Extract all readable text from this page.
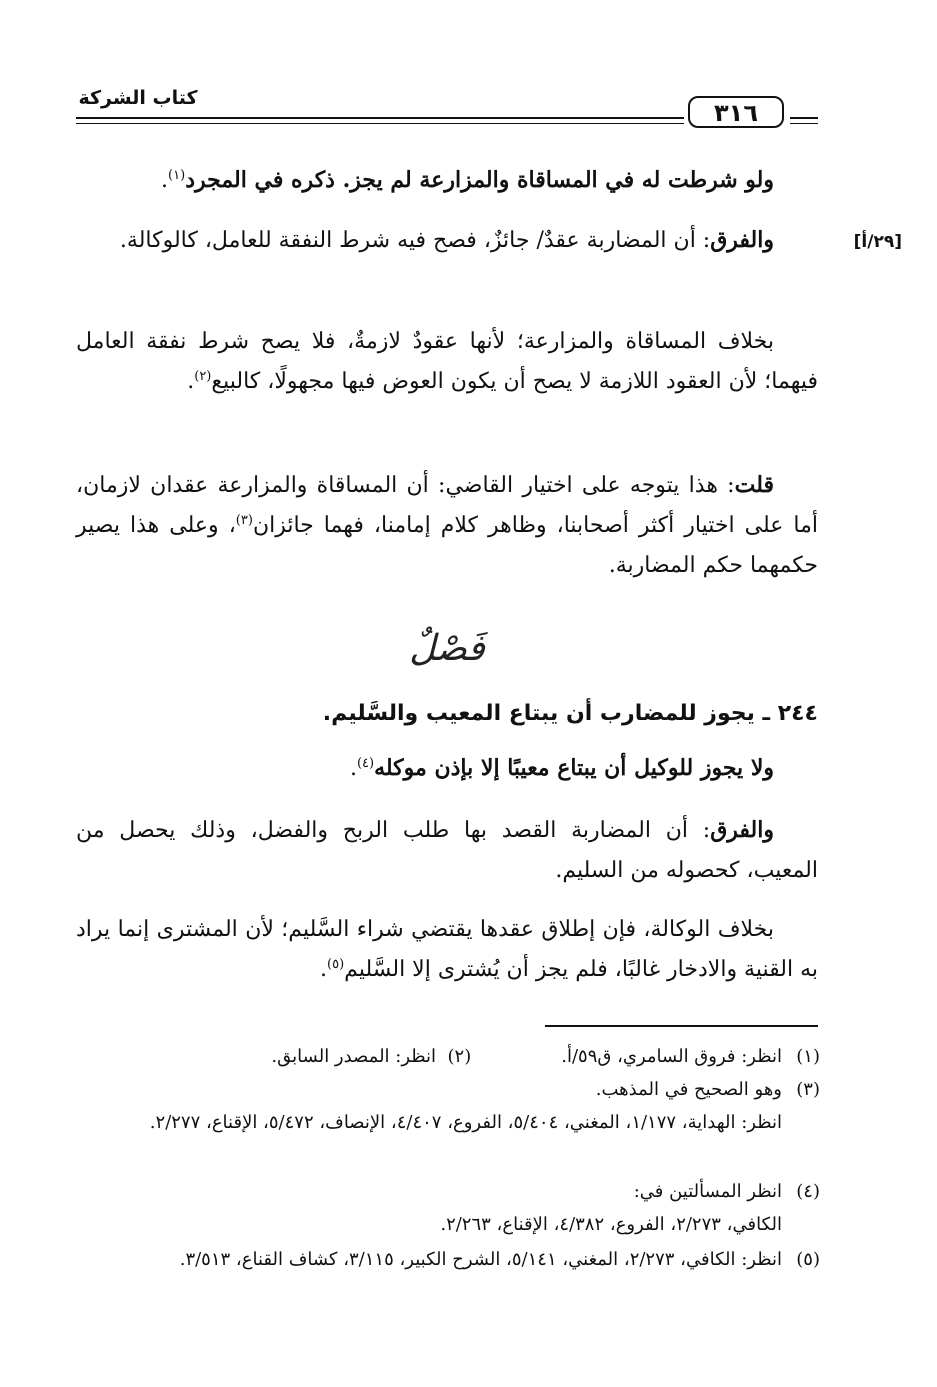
كتاب الشركة
٣١٦
ولو شرطت له في المساقاة والمزارعة لم يجز. ذكره في المجرد$^{(١)}$.
[٢٩/أ]
والفرق: أن المضاربة عقدٌ/ جائزٌ، فصح فيه شرط النفقة للعامل، كالوكالة.
بخلاف المساقاة والمزارعة؛ لأنها عقودٌ لازمةٌ، فلا يصح شرط نفقة العامل فيهما؛ لأن العقود اللازمة لا يصح أن يكون العوض فيها مجهولًا، كالبيع$^{(٢)}$.
قلت: هذا يتوجه على اختيار القاضي: أن المساقاة والمزارعة عقدان لازمان، أما على اختيار أكثر أصحابنا، وظاهر كلام إمامنا، فهما جائزان$^{(٣)}$، وعلى هذا يصير حكمهما حكم المضاربة.
فَصْلٌ
٢٤٤ ـ يجوز للمضارب أن يبتاع المعيب والسَّليم.
ولا يجوز للوكيل أن يبتاع معيبًا إلا بإذن موكله$^{(٤)}$.
والفرق: أن المضاربة القصد بها طلب الربح والفضل، وذلك يحصل من المعيب، كحصوله من السليم.
بخلاف الوكالة، فإن إطلاق عقدها يقتضي شراء السَّليم؛ لأن المشترى إنما يراد به القنية والادخار غالبًا، فلم يجز أن يُشترى إلا السَّليم$^{(٥)}$.
(١)انظر: فروق السامري، ق٥٩/أ.(٢)  انظر: المصدر السابق.
(٣)وهو الصحيح في المذهب.
انظر: الهداية، ١/١٧٧، المغني، ٥/٤٠٤، الفروع، ٤/٤٠٧، الإنصاف، ٥/٤٧٢، الإقناع، ٢/٢٧٧.
(٤)انظر المسألتين في:
الكافي، ٢/٢٧٣، الفروع، ٤/٣٨٢، الإقناع، ٢/٢٦٣.
(٥)انظر: الكافي، ٢/٢٧٣، المغني، ٥/١٤١، الشرح الكبير، ٣/١١٥، كشاف القناع، ٣/٥١٣.
